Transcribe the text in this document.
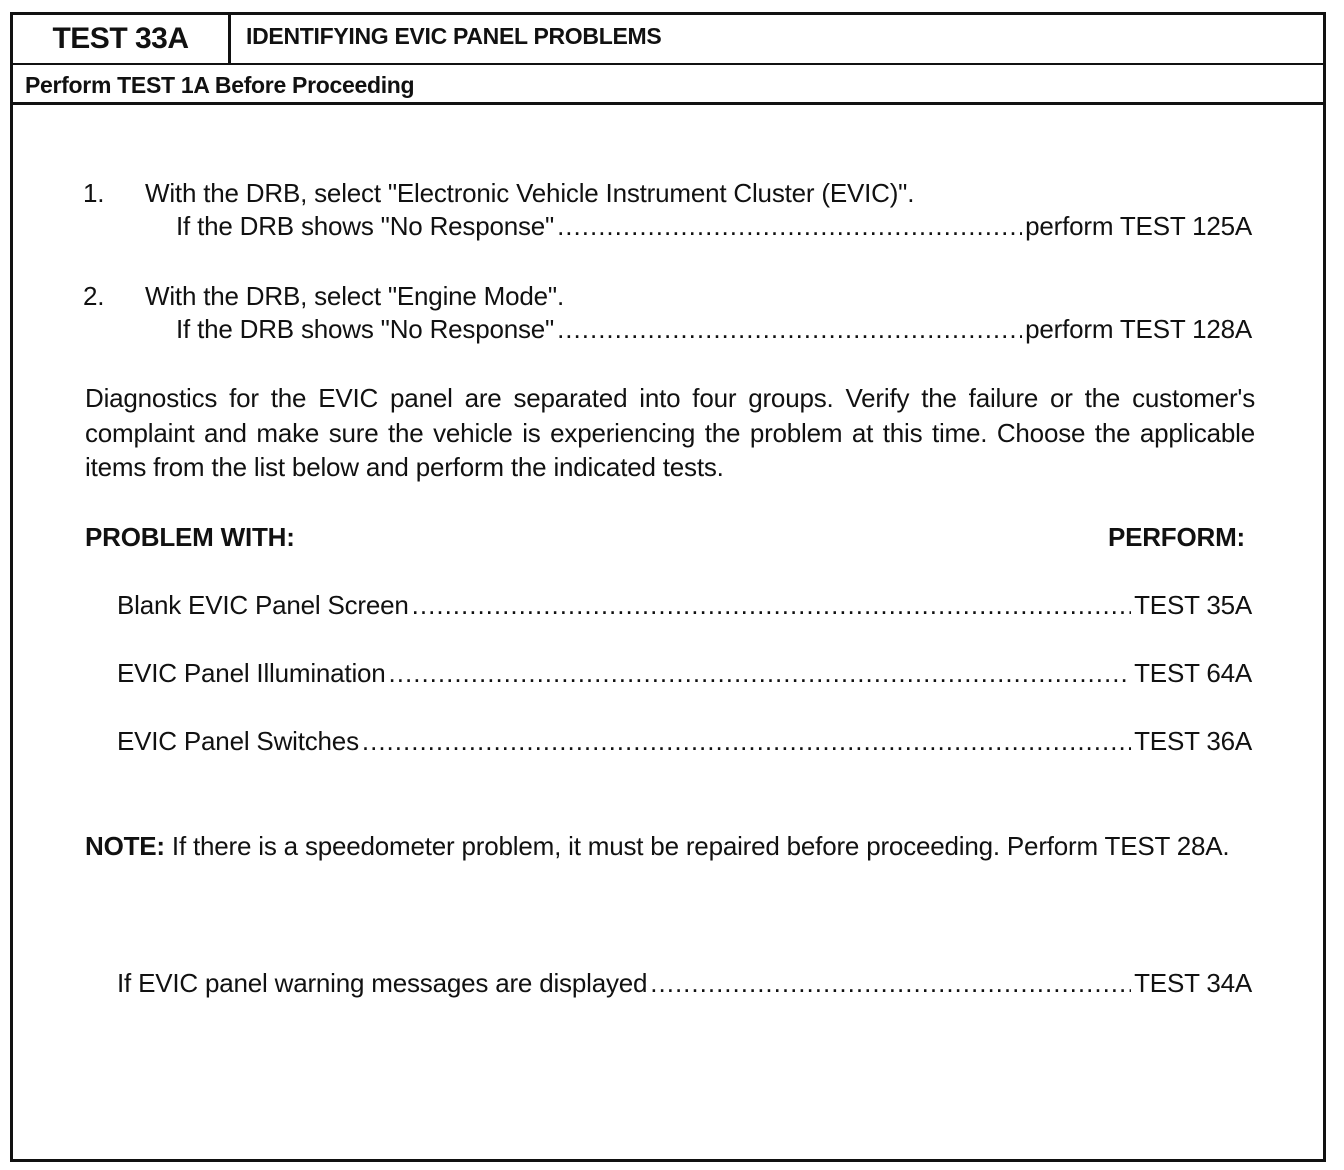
TEST 33A	IDENTIFYING EVIC PANEL PROBLEMS
Perform TEST 1A Before Proceeding
1. With the DRB, select "Electronic Vehicle Instrument Cluster (EVIC)".
If the DRB shows "No Response" .....	perform TEST 125A
2. With the DRB, select "Engine Mode".
If the DRB shows "No Response" .....	perform TEST 128A
Diagnostics for the EVIC panel are separated into four groups. Verify the failure or the customer's complaint and make sure the vehicle is experiencing the problem at this time. Choose the applicable items from the list below and perform the indicated tests.
PROBLEM WITH:	PERFORM:
Blank EVIC Panel Screen .....	TEST 35A
EVIC Panel Illumination .....	TEST 64A
EVIC Panel Switches .....	TEST 36A
NOTE: If there is a speedometer problem, it must be repaired before proceeding. Perform TEST 28A.
If EVIC panel warning messages are displayed .....	TEST 34A
